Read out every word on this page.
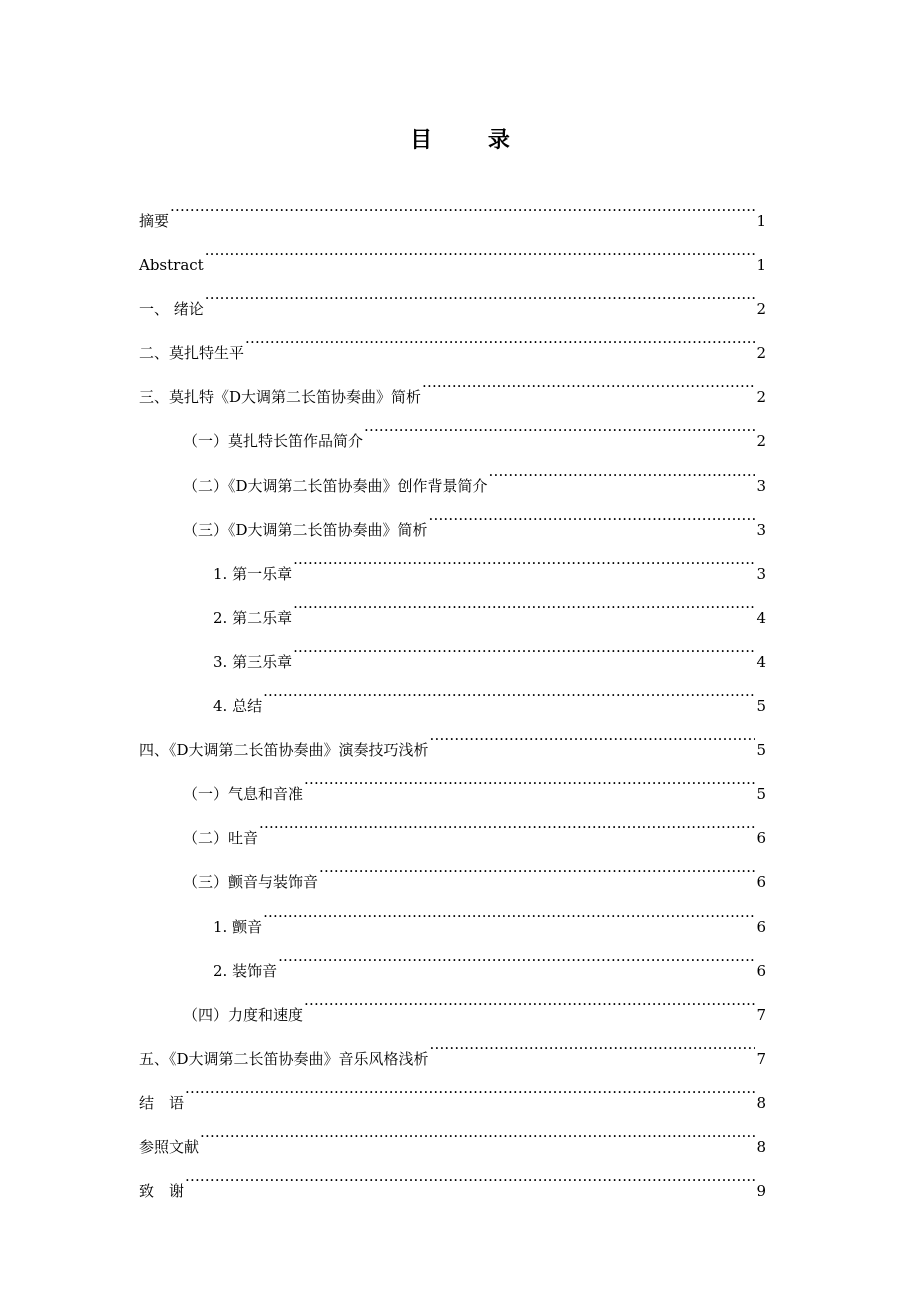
目 录
摘要 .....	1
Abstract .....	1
一、 绪论 .....	2
二、莫扎特生平 .....	2
三、莫扎特《D大调第二长笛协奏曲》简析 .....	2
（一）莫扎特长笛作品简介 .....	2
（二）《D大调第二长笛协奏曲》创作背景简介 .....	3
（三）《D大调第二长笛协奏曲》简析 .....	3
1. 第一乐章 .....	3
2. 第二乐章 .....	4
3. 第三乐章 .....	4
4. 总结 .....	5
四、《D大调第二长笛协奏曲》演奏技巧浅析 .....	5
（一）气息和音准 .....	5
（二）吐音 .....	6
（三）颤音与装饰音 .....	6
1. 颤音 .....	6
2. 装饰音 .....	6
（四）力度和速度 .....	7
五、《D大调第二长笛协奏曲》音乐风格浅析 .....	7
结　语 .....	8
参照文献 .....	8
致　谢 .....	9
